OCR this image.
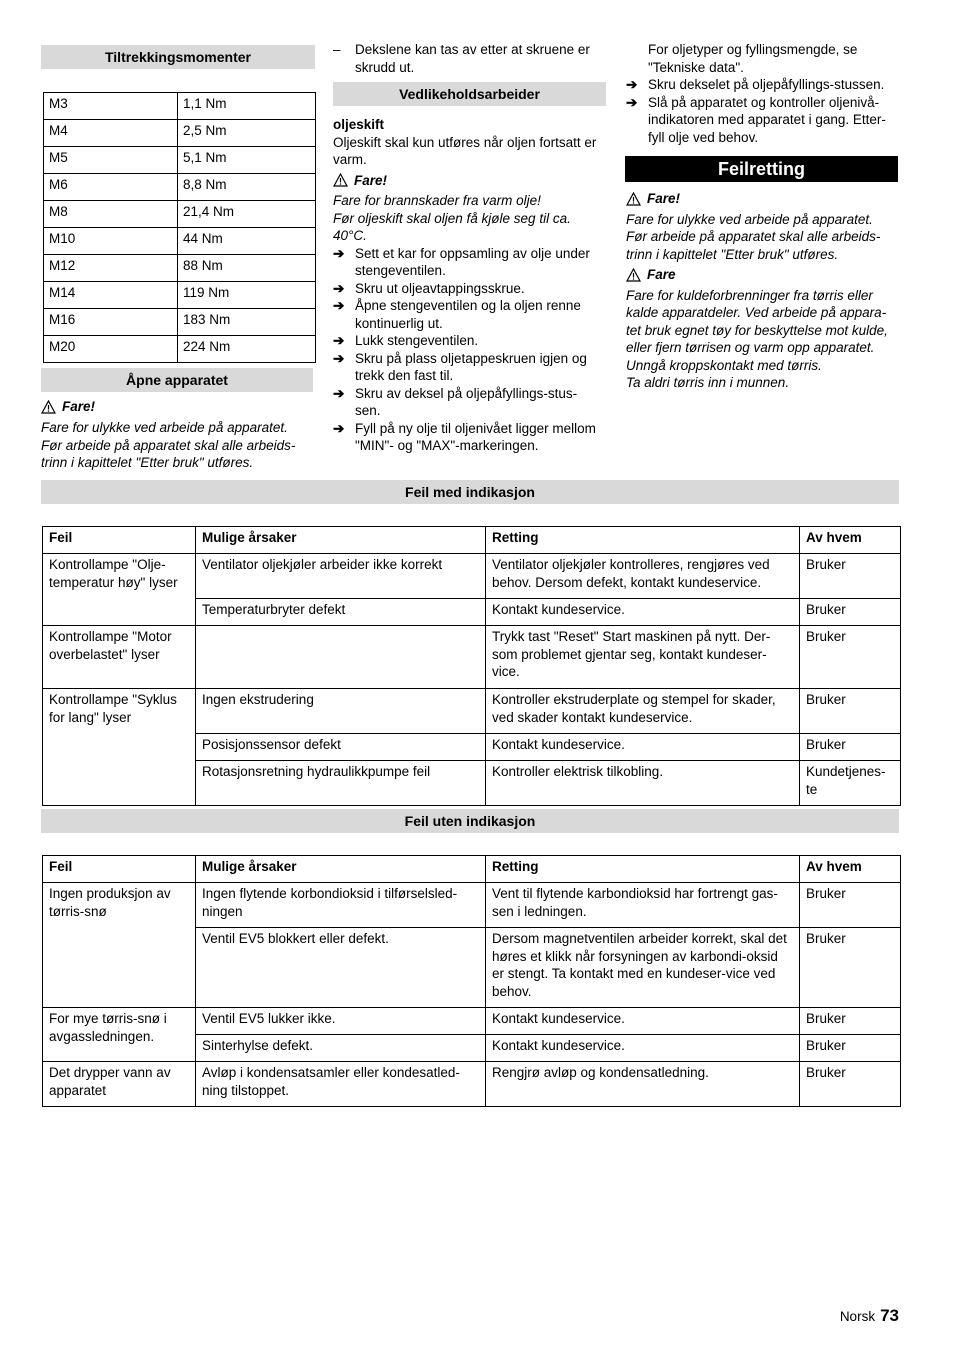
Tiltrekkingsmomenter
M3	1,1 Nm
M4	2,5 Nm
M5	5,1 Nm
M6	8,8 Nm
M8	21,4 Nm
M10	44 Nm
M12	88 Nm
M14	119 Nm
M16	183 Nm
M20	224 Nm
Åpne apparatet
Fare!

Fare for ulykke ved arbeide på apparatet.

Før arbeide på apparatet skal alle arbeids-

trinn i kapittelet "Etter bruk" utføres.

–	Dekslene kan tas av etter at skruene er

skrudd ut.

Vedlikeholdsarbeider

oljeskift

Oljeskift skal kun utføres når oljen fortsatt er

varm.

Fare!

Fare for brannskader fra varm olje!

Før oljeskift skal oljen få kjøle seg til ca.

40°C.

➔ Sett et kar for oppsamling av olje under

stengeventilen.

➔ Skru ut oljeavtappingsskrue.

➔ Åpne stengeventilen og la oljen renne

kontinuerlig ut.

➔ Lukk stengeventilen.

➔ Skru på plass oljetappeskruen igjen og

trekk den fast til.

➔ Skru av deksel på oljepåfyllings-stus-

sen.

➔ Fyll på ny olje til oljenivået ligger mellom

"MIN"- og "MAX"-markeringen.

For oljetyper og fyllingsmengde, se

"Tekniske data".

➔ Skru dekselet på oljepåfyllings-stussen.

➔ Slå på apparatet og kontroller oljenivå-

indikatoren med apparatet i gang. Etter-

fyll olje ved behov.

Feilretting
Fare!

Fare for ulykke ved arbeide på apparatet.

Før arbeide på apparatet skal alle arbeids-

trinn i kapittelet "Etter bruk" utføres.

Fare

Fare for kuldeforbrenninger fra tørris eller

kalde apparatdeler. Ved arbeide på appara-

tet bruk egnet tøy for beskyttelse mot kulde,

eller fjern tørrisen og varm opp apparatet.

Unngå kroppskontakt med tørris.

Ta aldri tørris inn i munnen.

Feil med indikasjon
Feil	Mulige årsaker	Retting	Av hvem
Kontrollampe "Olje-temperatur høy" lyser	Ventilator oljekjøler arbeider ikke korrekt	Ventilator oljekjøler kontrolleres, rengjøres ved behov. Dersom defekt, kontakt kundeservice.	Bruker
	Temperaturbryter defekt	Kontakt kundeservice.	Bruker
Kontrollampe "Motor overbelastet" lyser		Trykk tast "Reset" Start maskinen på nytt. Der-som problemet gjentar seg, kontakt kundeser-vice.	Bruker
Kontrollampe "Syklus for lang" lyser	Ingen ekstrudering	Kontroller ekstruderplate og stempel for skader, ved skader kontakt kundeservice.	Bruker
	Posisjonssensor defekt	Kontakt kundeservice.	Bruker
	Rotasjonsretning hydraulikkpumpe feil	Kontroller elektrisk tilkobling.	Kundetjenes-te
Feil uten indikasjon
Feil	Mulige årsaker	Retting	Av hvem
Ingen produksjon av tørris-snø	Ingen flytende korbondioksid i tilførselsled-ningen	Vent til flytende karbondioksid har fortrengt gas-sen i ledningen.	Bruker
	Ventil EV5 blokkert eller defekt.	Dersom magnetventilen arbeider korrekt, skal det høres et klikk når forsyningen av karbondi-oksid er stengt. Ta kontakt med en kundeser-vice ved behov.	Bruker
For mye tørris-snø i avgassledningen.	Ventil EV5 lukker ikke.	Kontakt kundeservice.	Bruker
	Sinterhylse defekt.	Kontakt kundeservice.	Bruker
Det drypper vann av apparatet	Avløp i kondensatsamler eller kondesatled-ning tilstoppet.	Rengjrø avløp og kondensatledning.	Bruker
Norsk 73
